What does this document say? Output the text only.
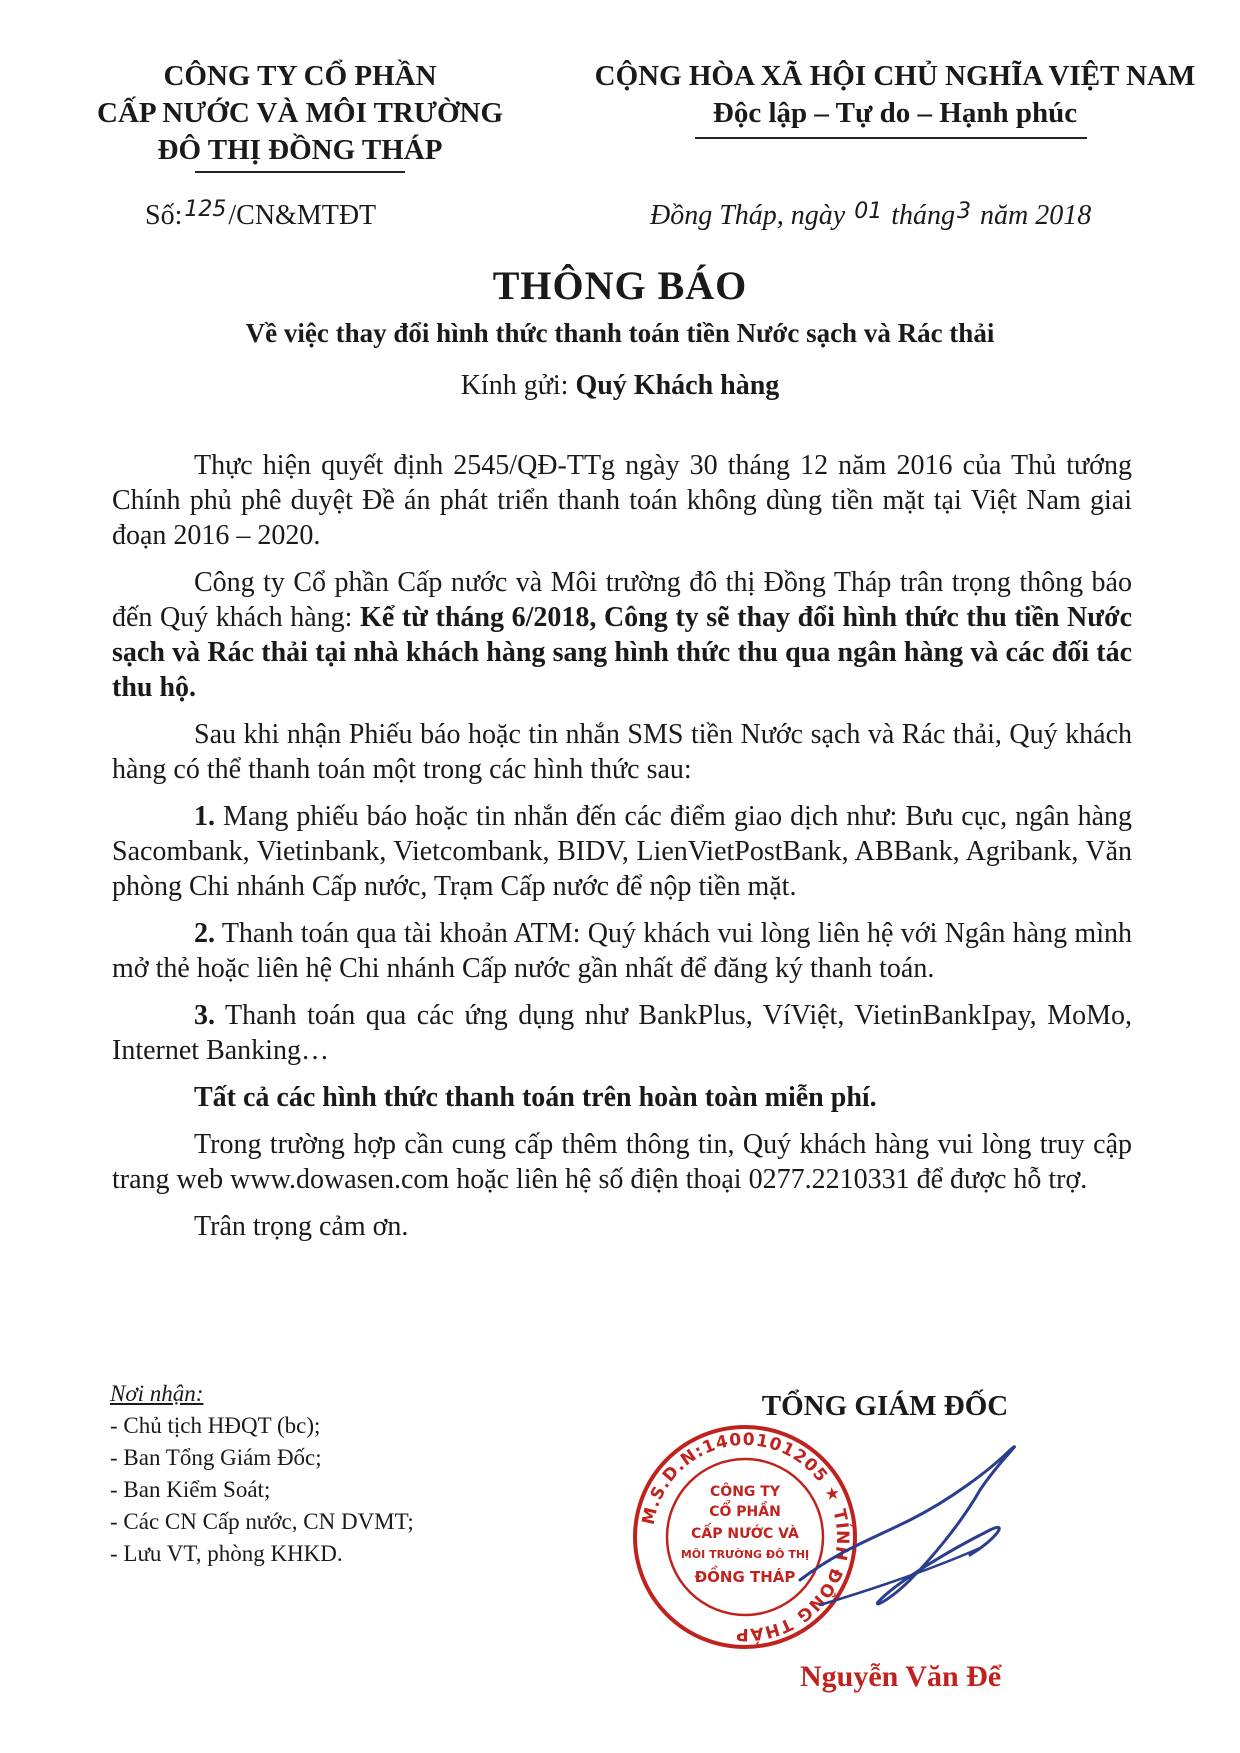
CÔNG TY CỔ PHẦN
CẤP NƯỚC VÀ MÔI TRƯỜNG
ĐÔ THỊ ĐỒNG THÁP
CỘNG HÒA XÃ HỘI CHỦ NGHĨA VIỆT NAM
Độc lập – Tự do – Hạnh phúc
Số:$^{125}$/CN&MTĐT	Đồng Tháp, ngày $^{01}$ tháng$^3$ năm 2018
THÔNG BÁO
Về việc thay đổi hình thức thanh toán tiền Nước sạch và Rác thải
Kính gửi: Quý Khách hàng

Thực hiện quyết định 2545/QĐ-TTg ngày 30 tháng 12 năm 2016 của Thủ tướng Chính phủ phê duyệt Đề án phát triển thanh toán không dùng tiền mặt tại Việt Nam giai đoạn 2016 – 2020.

Công ty Cổ phần Cấp nước và Môi trường đô thị Đồng Tháp trân trọng thông báo đến Quý khách hàng: Kể từ tháng 6/2018, Công ty sẽ thay đổi hình thức thu tiền Nước sạch và Rác thải tại nhà khách hàng sang hình thức thu qua ngân hàng và các đối tác thu hộ.

Sau khi nhận Phiếu báo hoặc tin nhắn SMS tiền Nước sạch và Rác thải, Quý khách hàng có thể thanh toán một trong các hình thức sau:

1. Mang phiếu báo hoặc tin nhắn đến các điểm giao dịch như: Bưu cục, ngân hàng Sacombank, Vietinbank, Vietcombank, BIDV, LienVietPostBank, ABBank, Agribank, Văn phòng Chi nhánh Cấp nước, Trạm Cấp nước để nộp tiền mặt.

2. Thanh toán qua tài khoản ATM: Quý khách vui lòng liên hệ với Ngân hàng mình mở thẻ hoặc liên hệ Chi nhánh Cấp nước gần nhất để đăng ký thanh toán.

3. Thanh toán qua các ứng dụng như BankPlus, VíViệt, VietinBankIpay, MoMo, Internet Banking…

Tất cả các hình thức thanh toán trên hoàn toàn miễn phí.

Trong trường hợp cần cung cấp thêm thông tin, Quý khách hàng vui lòng truy cập trang web www.dowasen.com hoặc liên hệ số điện thoại 0277.2210331 để được hỗ trợ.

Trân trọng cảm ơn.

Nơi nhận:
- Chủ tịch HĐQT (bc);
- Ban Tổng Giám Đốc;
- Ban Kiểm Soát;
- Các CN Cấp nước, CN DVMT;
- Lưu VT, phòng KHKD.
TỔNG GIÁM ĐỐC
M.S.D.N:1400101205 ★ TỈNH ĐỒNG THÁP
CÔNG TY
CỔ PHẦN
CẤP NƯỚC VÀ
MÔI TRƯỜNG ĐÔ THỊ
ĐỒNG THÁP
Nguyễn Văn Để
